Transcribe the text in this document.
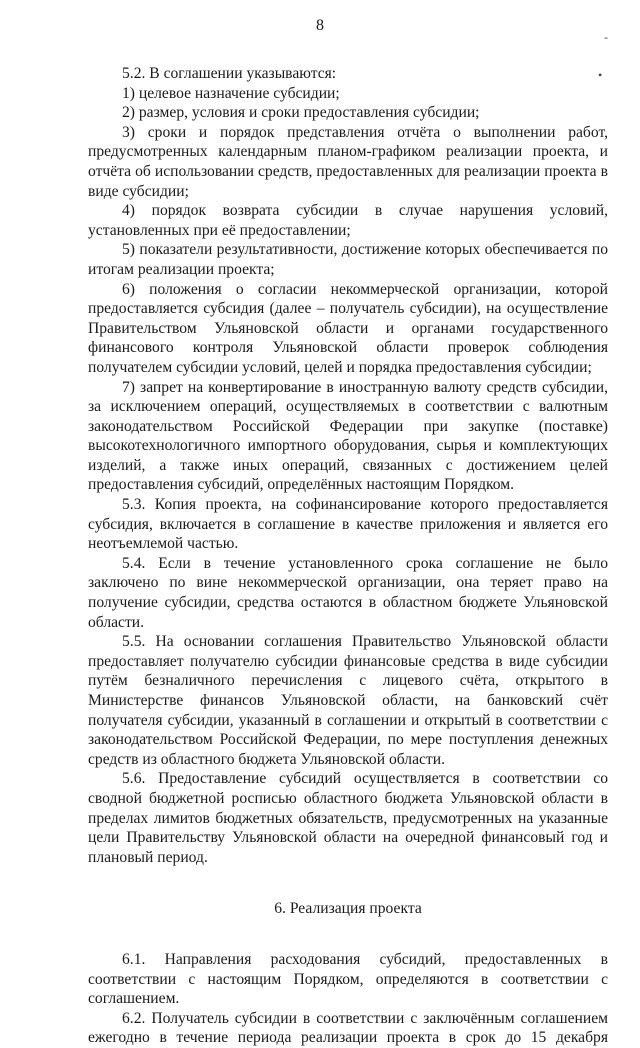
8
-
•

5.2. В соглашении указываются:

1) целевое назначение субсидии;

2) размер, условия и сроки предоставления субсидии;

3) сроки и порядок представления отчёта о выполнении работ, предусмотренных календарным планом-графиком реализации проекта, и отчёта об использовании средств, предоставленных для реализации проекта в виде субсидии;

4) порядок возврата субсидии в случае нарушения условий, установленных при её предоставлении;

5) показатели результативности, достижение которых обеспечивается по итогам реализации проекта;

6) положения о согласии некоммерческой организации, которой предоставляется субсидия (далее – получатель субсидии), на осуществление Правительством Ульяновской области и органами государственного финансового контроля Ульяновской области проверок соблюдения получателем субсидии условий, целей и порядка предоставления субсидии;

7) запрет на конвертирование в иностранную валюту средств субсидии, за исключением операций, осуществляемых в соответствии с валютным законодательством Российской Федерации при закупке (поставке) высокотехнологичного импортного оборудования, сырья и комплектующих изделий, а также иных операций, связанных с достижением целей предоставления субсидий, определённых настоящим Порядком.

5.3. Копия проекта, на софинансирование которого предоставляется субсидия, включается в соглашение в качестве приложения и является его неотъемлемой частью.

5.4. Если в течение установленного срока соглашение не было заключено по вине некоммерческой организации, она теряет право на получение субсидии, средства остаются в областном бюджете Ульяновской области.

5.5. На основании соглашения Правительство Ульяновской области предоставляет получателю субсидии финансовые средства в виде субсидии путём безналичного перечисления с лицевого счёта, открытого в Министерстве финансов Ульяновской области, на банковский счёт получателя субсидии, указанный в соглашении и открытый в соответствии с законодательством Российской Федерации, по мере поступления денежных средств из областного бюджета Ульяновской области.

5.6. Предоставление субсидий осуществляется в соответствии со сводной бюджетной росписью областного бюджета Ульяновской области в пределах лимитов бюджетных обязательств, предусмотренных на указанные цели Правительству Ульяновской области на очередной финансовый год и плановый период.

6. Реализация проекта

6.1. Направления расходования субсидий, предоставленных в соответствии с настоящим Порядком, определяются в соответствии с соглашением.

6.2. Получатель субсидии в соответствии с заключённым соглашением ежегодно в течение периода реализации проекта в срок до 15 декабря
